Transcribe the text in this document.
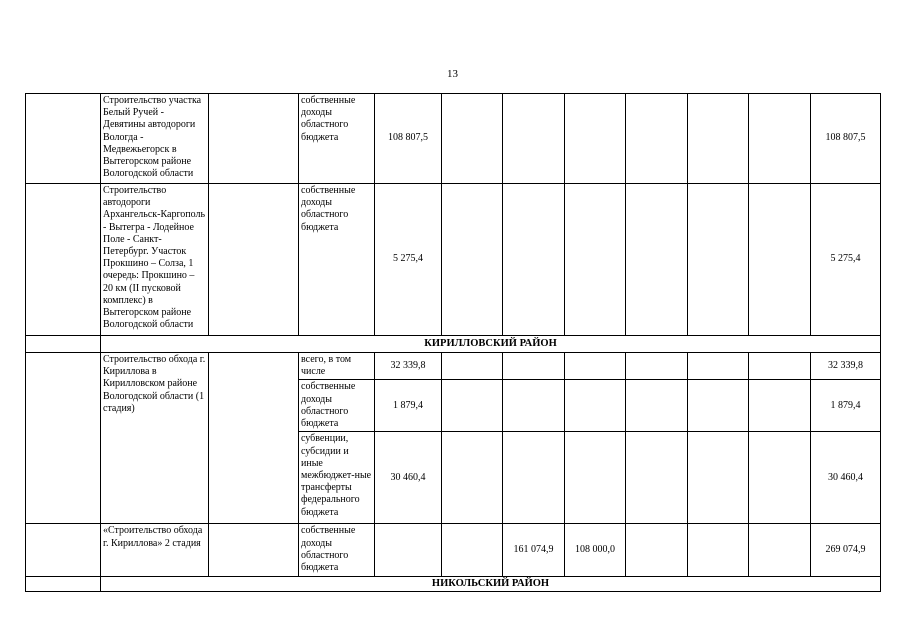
13
	Строительство участка Белый Ручей - Девятины автодороги Вологда - Медвежьегорск в Вытегорском районе Вологодской области		собственные доходы областного бюджета	108 807,5							108 807,5
	Строительство автодороги Архангельск-Каргополь - Вытегра - Лодейное Поле - Санкт-Петербург. Участок Прокшино – Солза, 1 очередь: Прокшино – 20 км (II пусковой комплекс) в Вытегорском районе Вологодской области		собственные доходы областного бюджета	5 275,4							5 275,4
	КИРИЛЛОВСКИЙ РАЙОН										
	Строительство обхода г. Кириллова в Кирилловском районе Вологодской области (1 стадия)		всего, в том числе	32 339,8							32 339,8
			собственные доходы областного бюджета	1 879,4							1 879,4
			субвенции, субсидии и иные межбюджет-ные трансферты федерального бюджета	30 460,4							30 460,4
	«Строительство обхода г. Кириллова» 2 стадия		собственные доходы областного бюджета			161 074,9	108 000,0				269 074,9
	НИКОЛЬСКИЙ РАЙОН										
